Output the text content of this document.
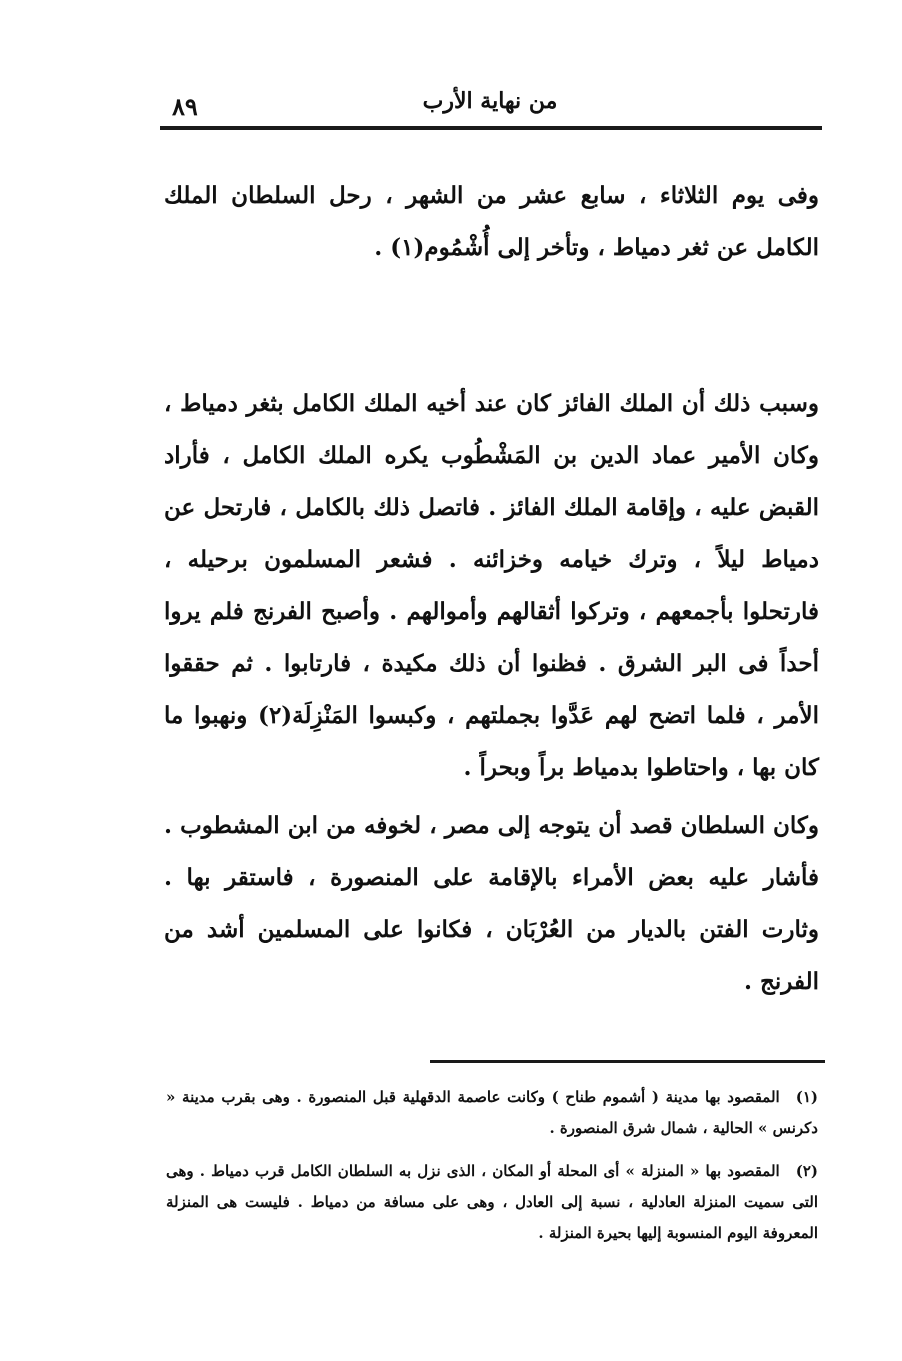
٨٩	من نهاية الأرب
وفى يوم الثلاثاء ، سابع عشر من الشهر ، رحل السلطان الملك الكامل عن ثغر دمياط ، وتأخر إلى أُشْمُوم(١) .
وسبب ذلك أن الملك الفائز كان عند أخيه الملك الكامل بثغر دمياط ، وكان الأمير عماد الدين بن المَشْطُوب يكره الملك الكامل ، فأراد القبض عليه ، وإقامة الملك الفائز . فاتصل ذلك بالكامل ، فارتحل عن دمياط ليلاً ، وترك خيامه وخزائنه . فشعر المسلمون برحيله ، فارتحلوا بأجمعهم ، وتركوا أثقالهم وأموالهم . وأصبح الفرنج فلم يروا أحداً فى البر الشرق . فظنوا أن ذلك مكيدة ، فارتابوا . ثم حققوا الأمر ، فلما اتضح لهم عَدَّوا بجملتهم ، وكبسوا المَنْزِلَة(٢) ونهبوا ما كان بها ، واحتاطوا بدمياط براً وبحراً .
وكان السلطان قصد أن يتوجه إلى مصر ، لخوفه من ابن المشطوب . فأشار عليه بعض الأمراء بالإقامة على المنصورة ، فاستقر بها . وثارت الفتن بالديار من العُرْبَان ، فكانوا على المسلمين أشد من الفرنج .
(١)المقصود بها مدينة ( أشموم طناح ) وكانت عاصمة الدقهلية قبل المنصورة . وهى بقرب مدينة « دكرنس » الحالية ، شمال شرق المنصورة .
(٢)المقصود بها « المنزلة » أى المحلة أو المكان ، الذى نزل به السلطان الكامل قرب دمياط . وهى التى سميت المنزلة العادلية ، نسبة إلى العادل ، وهى على مسافة من دمياط . فليست هى المنزلة المعروفة اليوم المنسوبة إليها بحيرة المنزلة .
